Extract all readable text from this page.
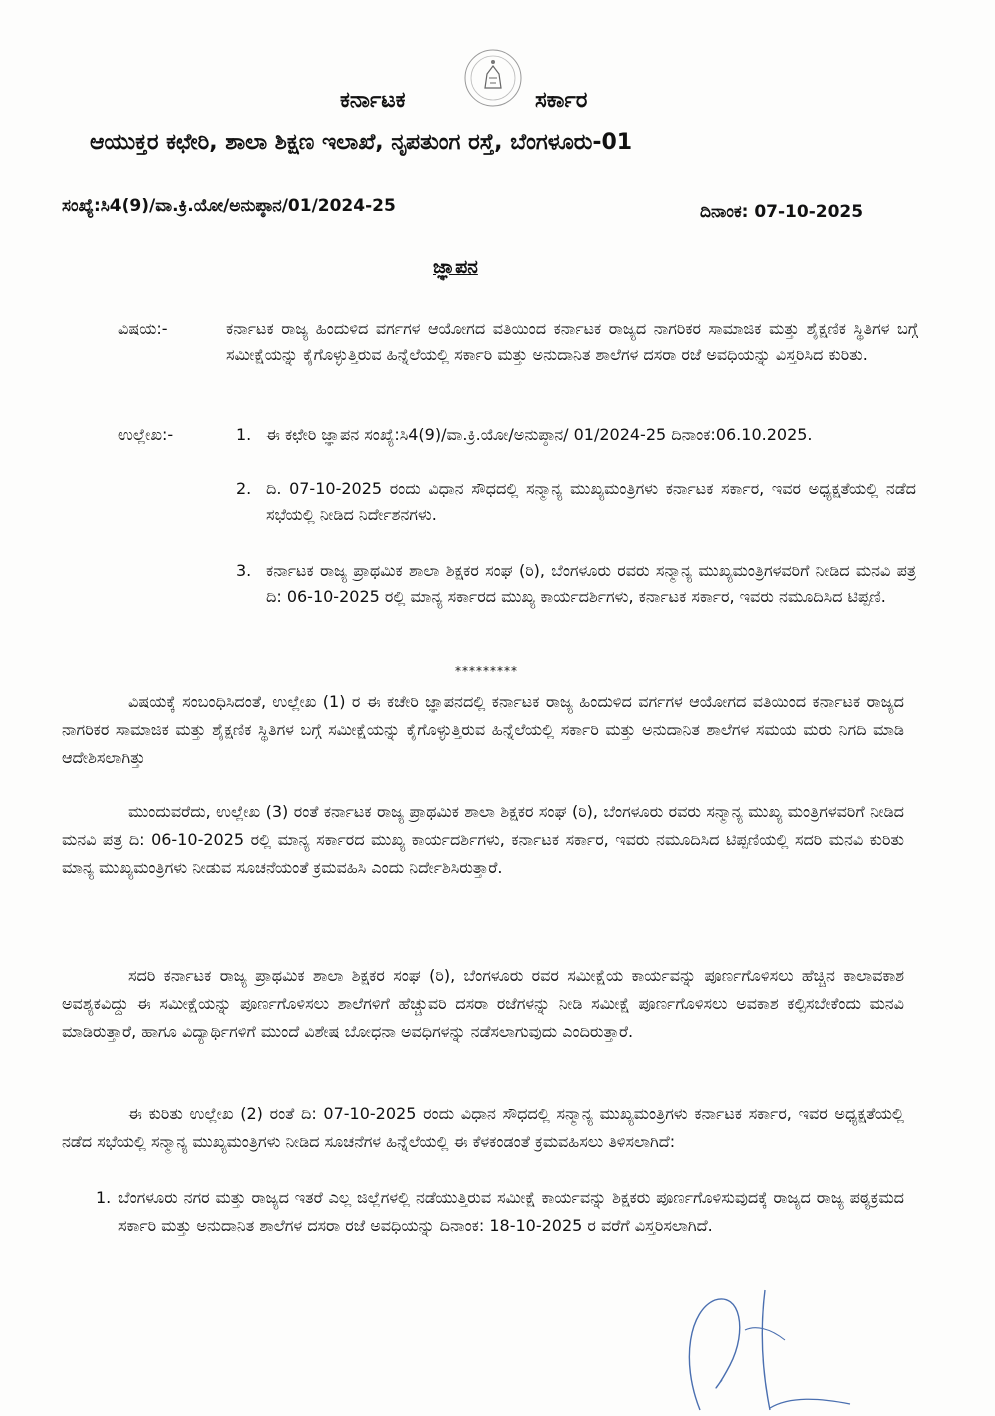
ಕರ್ನಾಟಕ	ಸರ್ಕಾರ
ಆಯುಕ್ತರ ಕಛೇರಿ, ಶಾಲಾ ಶಿಕ್ಷಣ ಇಲಾಖೆ, ನೃಪತುಂಗ ರಸ್ತೆ, ಬೆಂಗಳೂರು-01
ಸಂಖ್ಯೆ:ಸಿ4(9)/ವಾ.ಕ್ರಿ.ಯೋ/ಅನುಪ್ಠಾನ/01/2024-25	ದಿನಾಂಕ: 07-10-2025
ಜ್ಞಾಪನ
ವಿಷಯ:-	ಕರ್ನಾಟಕ ರಾಜ್ಯ ಹಿಂದುಳಿದ ವರ್ಗಗಳ ಆಯೋಗದ ವತಿಯಿಂದ ಕರ್ನಾಟಕ ರಾಜ್ಯದ ನಾಗರಿಕರ ಸಾಮಾಜಿಕ ಮತ್ತು ಶೈಕ್ಷಣಿಕ ಸ್ಥಿತಿಗಳ ಬಗ್ಗೆ ಸಮೀಕ್ಷೆಯನ್ನು ಕೈಗೊಳ್ಳುತ್ತಿರುವ ಹಿನ್ನೆಲೆಯಲ್ಲಿ ಸರ್ಕಾರಿ ಮತ್ತು ಅನುದಾನಿತ ಶಾಲೆಗಳ ದಸರಾ ರಜೆ ಅವಧಿಯನ್ನು ವಿಸ್ತರಿಸಿದ ಕುರಿತು.
ಉಲ್ಲೇಖ:-	1. ಈ ಕಛೇರಿ ಜ್ಞಾಪನ ಸಂಖ್ಯೆ:ಸಿ4(9)/ವಾ.ಕ್ರಿ.ಯೋ/ಅನುಪ್ಠಾನ/ 01/2024-25 ದಿನಾಂಕ:06.10.2025.
2. ದಿ. 07-10-2025 ರಂದು ವಿಧಾನ ಸೌಧದಲ್ಲಿ ಸನ್ಮಾನ್ಯ ಮುಖ್ಯಮಂತ್ರಿಗಳು ಕರ್ನಾಟಕ ಸರ್ಕಾರ, ಇವರ ಅಧ್ಯಕ್ಷತೆಯಲ್ಲಿ ನಡೆದ ಸಭೆಯಲ್ಲಿ ನೀಡಿದ ನಿರ್ದೇಶನಗಳು.
3. ಕರ್ನಾಟಕ ರಾಜ್ಯ ಪ್ರಾಥಮಿಕ ಶಾಲಾ ಶಿಕ್ಷಕರ ಸಂಘ (ರಿ), ಬೆಂಗಳೂರು ರವರು ಸನ್ಮಾನ್ಯ ಮುಖ್ಯಮಂತ್ರಿಗಳವರಿಗೆ ನೀಡಿದ ಮನವಿ ಪತ್ರ ದಿ: 06-10-2025 ರಲ್ಲಿ ಮಾನ್ಯ ಸರ್ಕಾರದ ಮುಖ್ಯ ಕಾರ್ಯದರ್ಶಿಗಳು, ಕರ್ನಾಟಕ ಸರ್ಕಾರ, ಇವರು ನಮೂದಿಸಿದ ಟಿಪ್ಪಣಿ.
*********
ವಿಷಯಕ್ಕೆ ಸಂಬಂಧಿಸಿದಂತೆ, ಉಲ್ಲೇಖ (1) ರ ಈ ಕಚೇರಿ ಜ್ಞಾಪನದಲ್ಲಿ ಕರ್ನಾಟಕ ರಾಜ್ಯ ಹಿಂದುಳಿದ ವರ್ಗಗಳ ಆಯೋಗದ ವತಿಯಿಂದ ಕರ್ನಾಟಕ ರಾಜ್ಯದ ನಾಗರಿಕರ ಸಾಮಾಜಿಕ ಮತ್ತು ಶೈಕ್ಷಣಿಕ ಸ್ಥಿತಿಗಳ ಬಗ್ಗೆ ಸಮೀಕ್ಷೆಯನ್ನು ಕೈಗೊಳ್ಳುತ್ತಿರುವ ಹಿನ್ನೆಲೆಯಲ್ಲಿ ಸರ್ಕಾರಿ ಮತ್ತು ಅನುದಾನಿತ ಶಾಲೆಗಳ ಸಮಯ ಮರು ನಿಗದಿ ಮಾಡಿ ಆದೇಶಿಸಲಾಗಿತ್ತು
ಮುಂದುವರೆದು, ಉಲ್ಲೇಖ (3) ರಂತೆ ಕರ್ನಾಟಕ ರಾಜ್ಯ ಪ್ರಾಥಮಿಕ ಶಾಲಾ ಶಿಕ್ಷಕರ ಸಂಘ (ರಿ), ಬೆಂಗಳೂರು ರವರು ಸನ್ಮಾನ್ಯ ಮುಖ್ಯ ಮಂತ್ರಿಗಳವರಿಗೆ ನೀಡಿದ ಮನವಿ ಪತ್ರ ದಿ: 06-10-2025 ರಲ್ಲಿ ಮಾನ್ಯ ಸರ್ಕಾರದ ಮುಖ್ಯ ಕಾರ್ಯದರ್ಶಿಗಳು, ಕರ್ನಾಟಕ ಸರ್ಕಾರ, ಇವರು ನಮೂದಿಸಿದ ಟಿಪ್ಪಣಿಯಲ್ಲಿ ಸದರಿ ಮನವಿ ಕುರಿತು ಮಾನ್ಯ ಮುಖ್ಯಮಂತ್ರಿಗಳು ನೀಡುವ ಸೂಚನೆಯಂತೆ ಕ್ರಮವಹಿಸಿ ಎಂದು ನಿರ್ದೇಶಿಸಿರುತ್ತಾರೆ.
ಸದರಿ ಕರ್ನಾಟಕ ರಾಜ್ಯ ಪ್ರಾಥಮಿಕ ಶಾಲಾ ಶಿಕ್ಷಕರ ಸಂಘ (ರಿ), ಬೆಂಗಳೂರು ರವರ ಸಮೀಕ್ಷೆಯ ಕಾರ್ಯವನ್ನು ಪೂರ್ಣಗೊಳಿಸಲು ಹೆಚ್ಚಿನ ಕಾಲಾವಕಾಶ ಅವಶ್ಯಕವಿದ್ದು ಈ ಸಮೀಕ್ಷೆಯನ್ನು ಪೂರ್ಣಗೊಳಿಸಲು ಶಾಲೆಗಳಿಗೆ ಹೆಚ್ಚುವರಿ ದಸರಾ ರಜೆಗಳನ್ನು ನೀಡಿ ಸಮೀಕ್ಷೆ ಪೂರ್ಣಗೊಳಿಸಲು ಅವಕಾಶ ಕಲ್ಪಿಸಬೇಕೆಂದು ಮನವಿ ಮಾಡಿರುತ್ತಾರೆ, ಹಾಗೂ ವಿದ್ಯಾರ್ಥಿಗಳಿಗೆ ಮುಂದೆ ವಿಶೇಷ ಬೋಧನಾ ಅವಧಿಗಳನ್ನು ನಡೆಸಲಾಗುವುದು ಎಂದಿರುತ್ತಾರೆ.
ಈ ಕುರಿತು ಉಲ್ಲೇಖ (2) ರಂತೆ ದಿ: 07-10-2025 ರಂದು ವಿಧಾನ ಸೌಧದಲ್ಲಿ ಸನ್ಮಾನ್ಯ ಮುಖ್ಯಮಂತ್ರಿಗಳು ಕರ್ನಾಟಕ ಸರ್ಕಾರ, ಇವರ ಅಧ್ಯಕ್ಷತೆಯಲ್ಲಿ ನಡೆದ ಸಭೆಯಲ್ಲಿ ಸನ್ಮಾನ್ಯ ಮುಖ್ಯಮಂತ್ರಿಗಳು ನೀಡಿದ ಸೂಚನೆಗಳ ಹಿನ್ನೆಲೆಯಲ್ಲಿ ಈ ಕೆಳಕಂಡಂತೆ ಕ್ರಮವಹಿಸಲು ತಿಳಿಸಲಾಗಿದೆ:
1. ಬೆಂಗಳೂರು ನಗರ ಮತ್ತು ರಾಜ್ಯದ ಇತರೆ ಎಲ್ಲ ಜಿಲ್ಲೆಗಳಲ್ಲಿ ನಡೆಯುತ್ತಿರುವ ಸಮೀಕ್ಷೆ ಕಾರ್ಯವನ್ನು ಶಿಕ್ಷಕರು ಪೂರ್ಣಗೊಳಿಸುವುದಕ್ಕೆ ರಾಜ್ಯದ ರಾಜ್ಯ ಪಠ್ಯಕ್ರಮದ ಸರ್ಕಾರಿ ಮತ್ತು ಅನುದಾನಿತ ಶಾಲೆಗಳ ದಸರಾ ರಜೆ ಅವಧಿಯನ್ನು ದಿನಾಂಕ: 18-10-2025 ರ ವರೆಗೆ ವಿಸ್ತರಿಸಲಾಗಿದೆ.
